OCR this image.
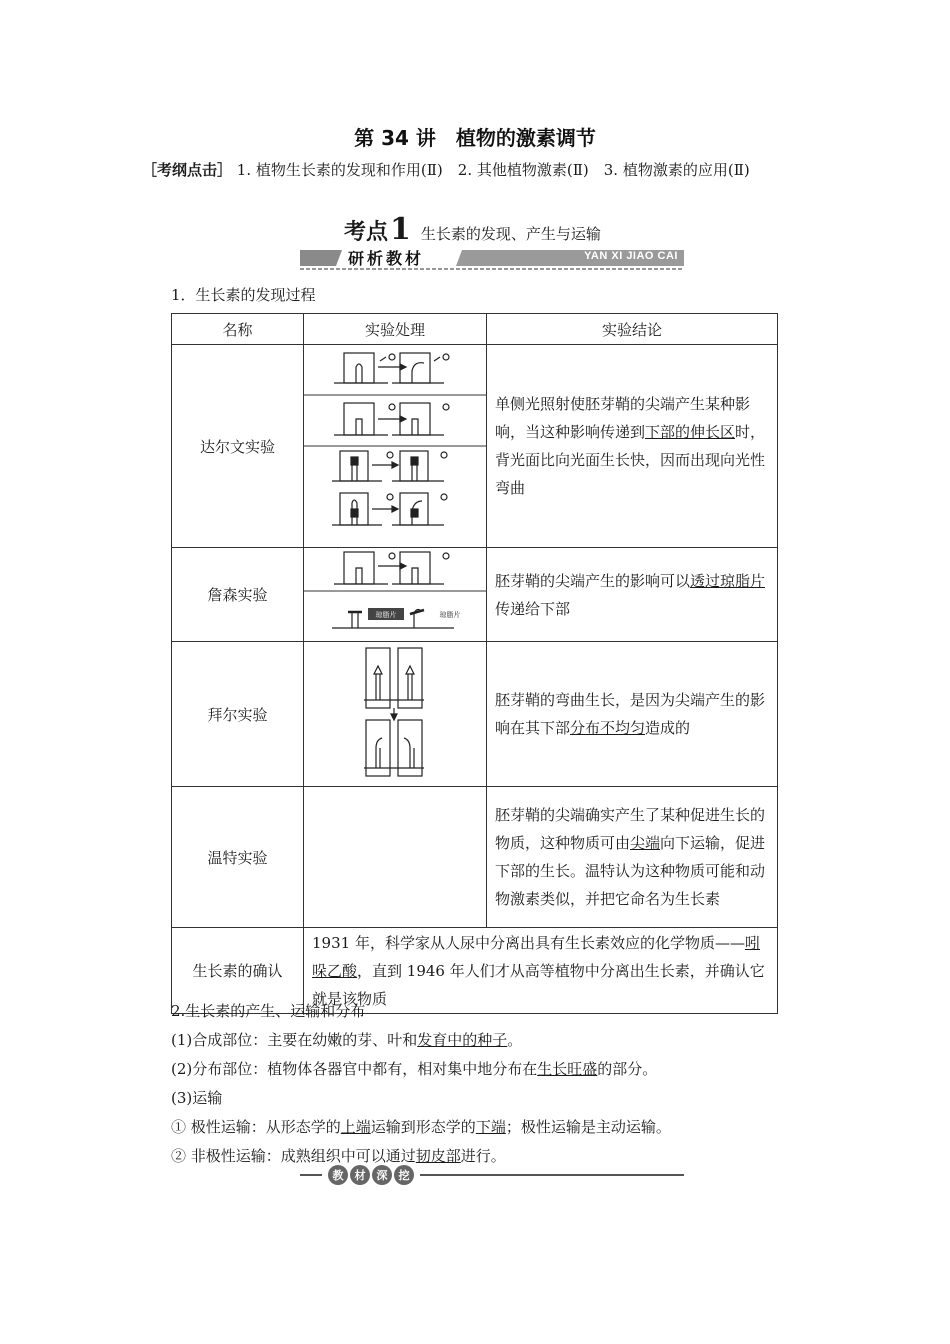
第 34 讲　植物的激素调节
［考纲点击］ 1. 植物生长素的发现和作用(Ⅱ)　2. 其他植物激素(Ⅱ)　3. 植物激素的应用(Ⅱ)
考点1 生长素的发现、产生与运输
研析教材	YAN XI JIAO CAI
1．生长素的发现过程
名称	实验处理	实验结论
达尔文实验		单侧光照射使胚芽鞘的尖端产生某种影响，当这种影响传递到下部的伸长区时，背光面比向光面生长快，因而出现向光性弯曲
詹森实验	琼脂片 琼脂片	胚芽鞘的尖端产生的影响可以透过琼脂片传递给下部
拜尔实验		胚芽鞘的弯曲生长，是因为尖端产生的影响在其下部分布不均匀造成的
温特实验		胚芽鞘的尖端确实产生了某种促进生长的物质，这种物质可由尖端向下运输，促进下部的生长。温特认为这种物质可能和动物激素类似，并把它命名为生长素
生长素的确认	1931 年，科学家从人尿中分离出具有生长素效应的化学物质——吲哚乙酸，直到 1946 年人们才从高等植物中分离出生长素，并确认它就是该物质	
2.生长素的产生、运输和分布
(1)合成部位：主要在幼嫩的芽、叶和发育中的种子。
(2)分布部位：植物体各器官中都有，相对集中地分布在生长旺盛的部分。
(3)运输
① 极性运输：从形态学的上端运输到形态学的下端；极性运输是主动运输。
② 非极性运输：成熟组织中可以通过韧皮部进行。
教 材 深 挖
